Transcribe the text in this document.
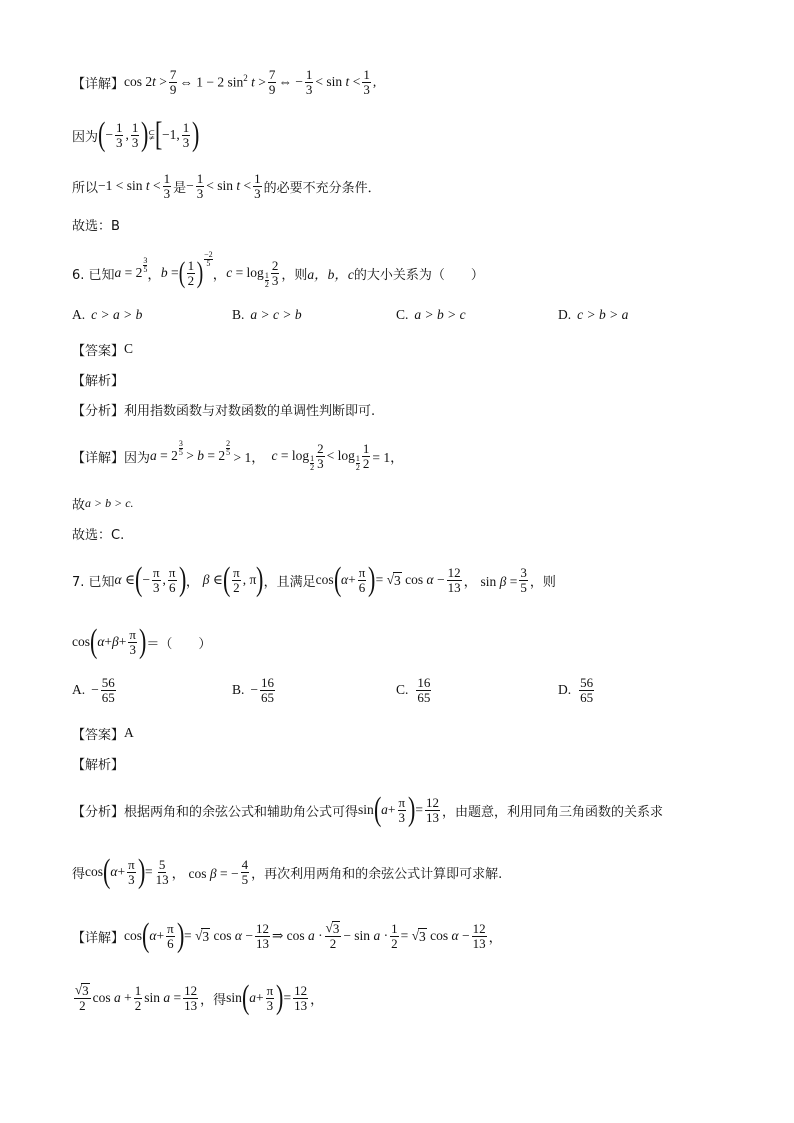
【详解】 $\cos 2t > \frac{7}{9}$ ⇔ 1 − 2 $\sin^2 t > \frac{7}{9}$ ⇔ − $\frac{1}{3} < \sin t < \frac{1}{3}$ ,
因为 ( − $\frac{1}{3}$ , $\frac{1}{3}$ ) ⫋ [ −1, $\frac{1}{3}$ )
所以 $-1 < \sin t < \frac{1}{3}$ 是 − $\frac{1}{3} < \sin t < \frac{1}{3}$ 的必要不充分条件．
故选：B
6. 已知 a = 2
3
5 ， b = ( $\frac{1}{2}$ )
−2
5
， c = log 1
$2 \frac{2}{3}$ ，则 a，b，c 的大小关系为（　　）
A. c > a > b	B. a > c > b	C. a > b > c	D. c > b > a
【答案】 C
【解析】
【分析】 利用指数函数与对数函数的单调性判断即可.
【详解】 因为 a = 2
3
5 > b = 2
2
5 > 1， c = log 1
$2 \frac{2}{3} < \log 1$
$2 \frac{1}{2} = 1$，
故 a > b > c.
故选：C.
7. 已知 α ∈ ( − $\frac{\pi}{3}$ , $\frac{\pi}{6}$ ) ， β ∈ ( $\frac{\pi}{2}$ , π ) ，且满足 cos ( $\alpha + \frac{\pi}{6}$ ) = √ 3 $\cos \alpha - \frac{12}{13}$ ， $\sin \beta = \frac{3}{5}$ ，则
cos ( $\alpha + \beta + \frac{\pi}{3}$ ) ＝（　　）
A. − $\frac{56}{65}$	B. − $\frac{16}{65}$	C. $\frac{16}{65}$	D. $\frac{56}{65}$
【答案】 A
【解析】
【分析】 根据两角和的余弦公式和辅助角公式可得 sin ( $a + \frac{\pi}{3}$ ) = $\frac{12}{13}$ ，由题意，利用同角三角函数的关系求
得 cos ( $\alpha + \frac{\pi}{3}$ ) = $\frac{5}{13}$ ， cos β = − $\frac{4}{5}$ ，再次利用两角和的余弦公式计算即可求解.
【详解】 cos ( $\alpha + \frac{\pi}{6}$ ) = √ 3 $\cos \alpha - \frac{12}{13}$ ⇒ $\cos a \cdot \frac{√ 3}{2} - \sin a \cdot \frac{1}{2}$ = √ 3 $\cos \alpha - \frac{12}{13}$ ，
$\frac{√ 3}{2}$ $\cos a + \frac{1}{2}$ $\sin a = \frac{12}{13}$ ，得 sin ( $a + \frac{\pi}{3}$ ) = $\frac{12}{13}$ ，
